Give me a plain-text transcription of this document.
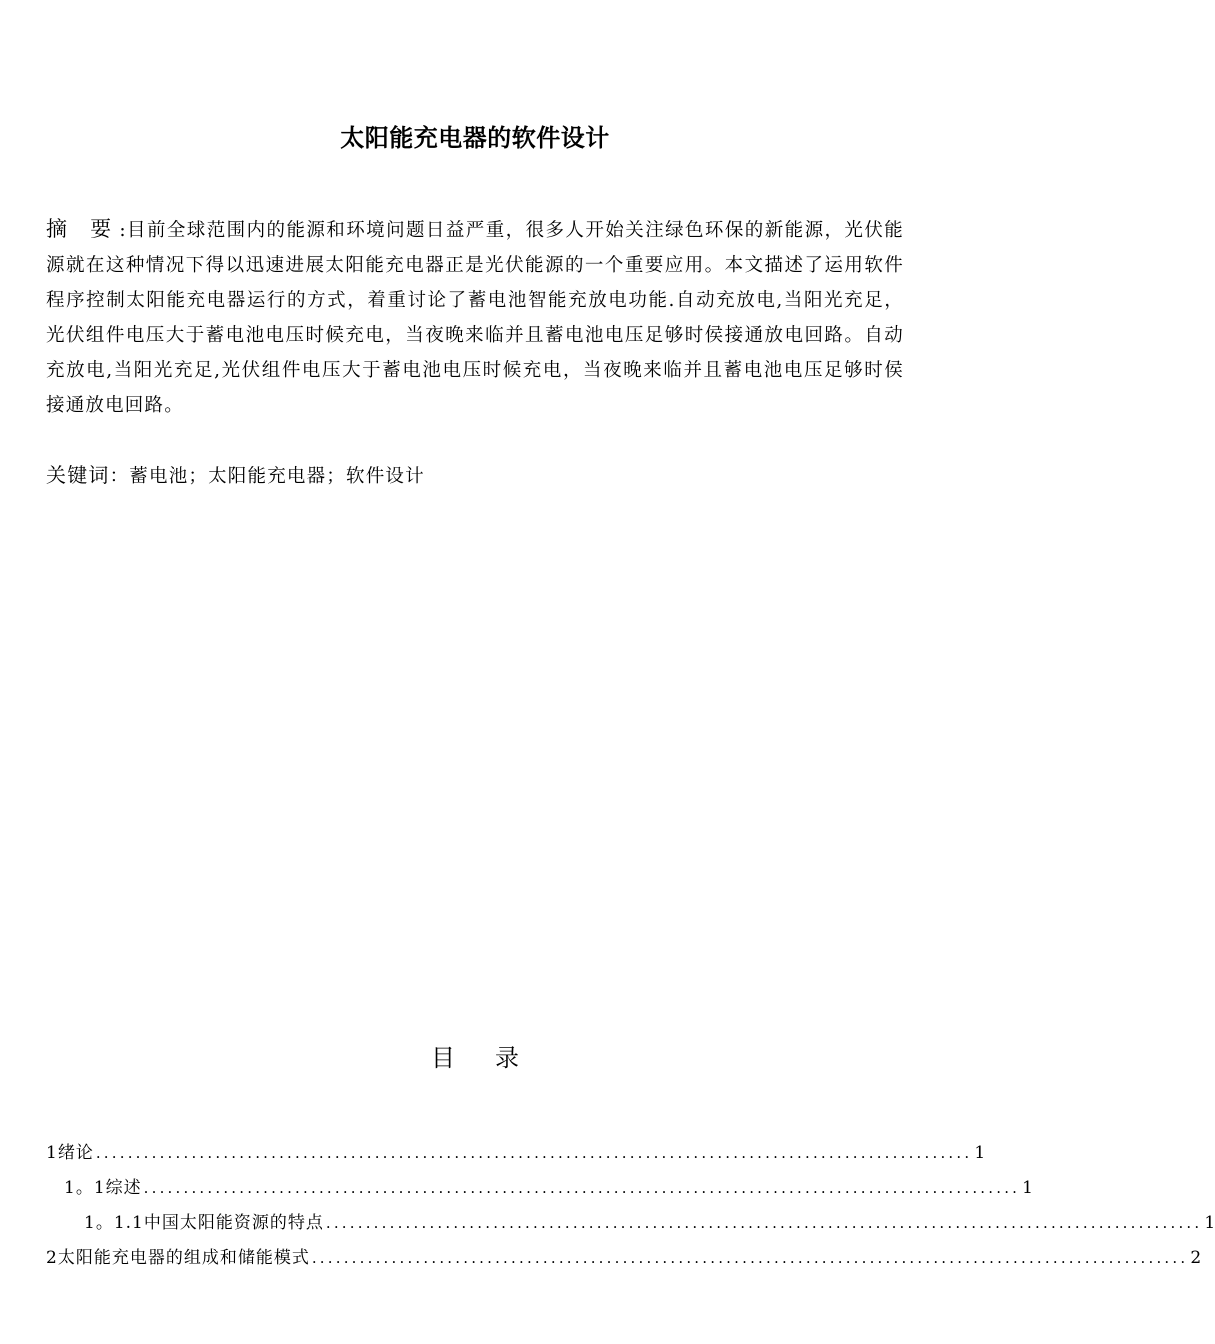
太阳能充电器的软件设计
摘 要:目前全球范围内的能源和环境问题日益严重，很多人开始关注绿色环保的新能源，光伏能源就在这种情况下得以迅速进展太阳能充电器正是光伏能源的一个重要应用。本文描述了运用软件程序控制太阳能充电器运行的方式，着重讨论了蓄电池智能充放电功能.自动充放电,当阳光充足，光伏组件电压大于蓄电池电压时候充电，当夜晚来临并且蓄电池电压足够时侯接通放电回路。自动充放电,当阳光充足,光伏组件电压大于蓄电池电压时候充电，当夜晚来临并且蓄电池电压足够时侯接通放电回路。
关键词：蓄电池；太阳能充电器；软件设计
目录
1绪论 .............................................................................................................. 1
1。1综述 .............................................................................................................. 1
1。1.1中国太阳能资源的特点 .............................................................................................................. 1
2太阳能充电器的组成和储能模式 .............................................................................................................. 2
